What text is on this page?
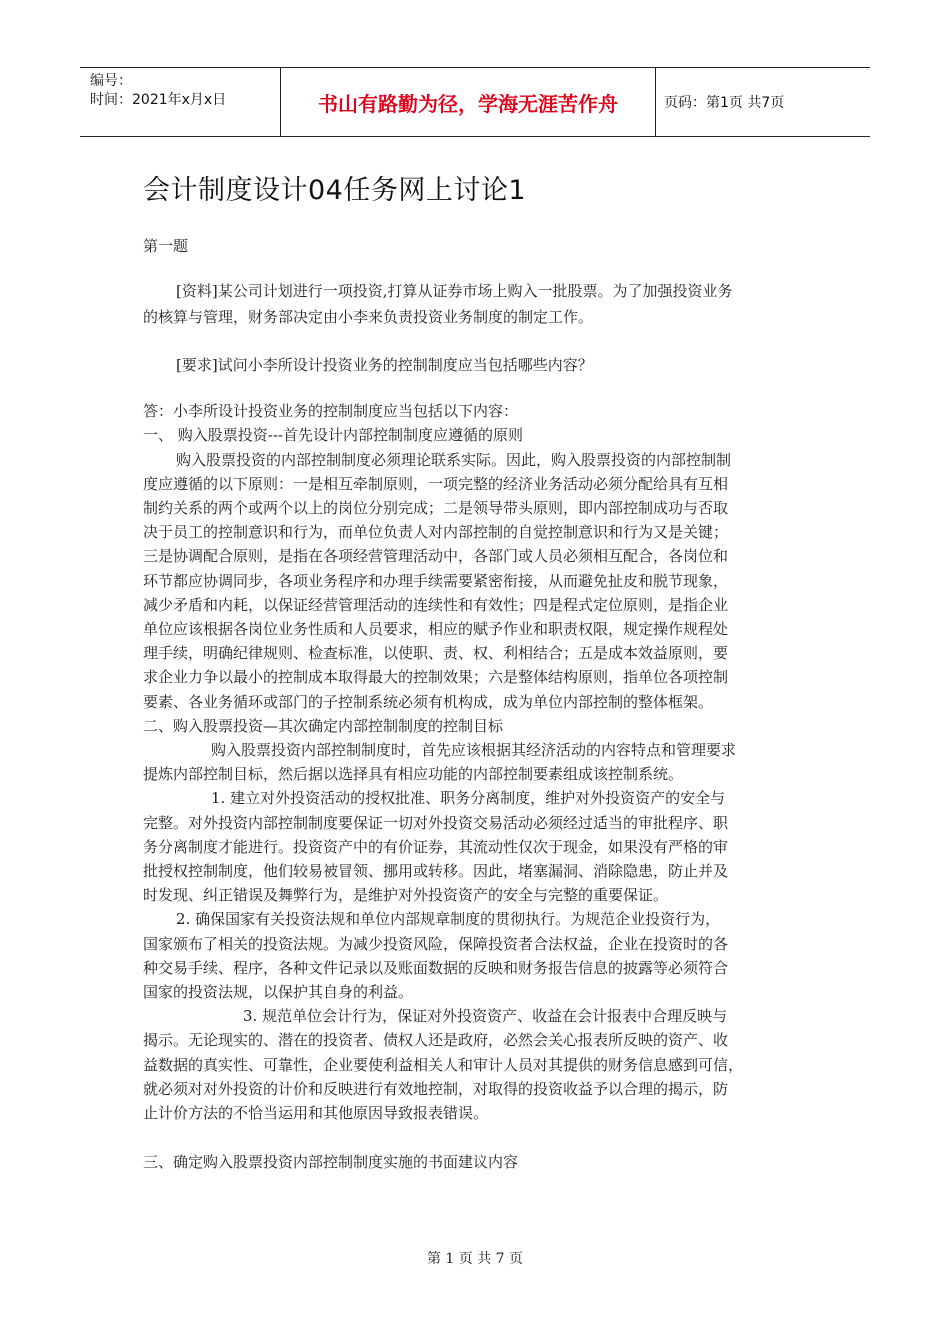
编号：
时间：2021年x月x日	书山有路勤为径，学海无涯苦作舟	页码：第1页 共7页
会计制度设计04任务网上讨论1
第一题
[资料]某公司计划进行一项投资,打算从证券市场上购入一批股票。为了加强投资业务
的核算与管理，财务部决定由小李来负责投资业务制度的制定工作。
[要求]试问小李所设计投资业务的控制制度应当包括哪些内容？
答：小李所设计投资业务的控制制度应当包括以下内容：
一、 购入股票投资---首先设计内部控制制度应遵循的原则
购入股票投资的内部控制制度必须理论联系实际。因此，购入股票投资的内部控制制
度应遵循的以下原则：一是相互牵制原则，一项完整的经济业务活动必须分配给具有互相
制约关系的两个或两个以上的岗位分别完成；二是领导带头原则，即内部控制成功与否取
决于员工的控制意识和行为，而单位负责人对内部控制的自觉控制意识和行为又是关键；
三是协调配合原则，是指在各项经营管理活动中，各部门或人员必须相互配合，各岗位和
环节都应协调同步，各项业务程序和办理手续需要紧密衔接，从而避免扯皮和脱节现象，
减少矛盾和内耗，以保证经营管理活动的连续性和有效性；四是程式定位原则，是指企业
单位应该根据各岗位业务性质和人员要求，相应的赋予作业和职责权限，规定操作规程处
理手续，明确纪律规则、检查标准，以使职、责、权、利相结合；五是成本效益原则，要
求企业力争以最小的控制成本取得最大的控制效果；六是整体结构原则，指单位各项控制
要素、各业务循环或部门的子控制系统必须有机构成，成为单位内部控制的整体框架。
二、购入股票投资—其次确定内部控制制度的控制目标
购入股票投资内部控制制度时，首先应该根据其经济活动的内容特点和管理要求
提炼内部控制目标，然后据以选择具有相应功能的内部控制要素组成该控制系统。
1. 建立对外投资活动的授权批准、职务分离制度，维护对外投资资产的安全与
完整。对外投资内部控制制度要保证一切对外投资交易活动必须经过适当的审批程序、职
务分离制度才能进行。投资资产中的有价证券，其流动性仅次于现金，如果没有严格的审
批授权控制制度，他们较易被冒领、挪用或转移。因此，堵塞漏洞、消除隐患，防止并及
时发现、纠正错误及舞弊行为，是维护对外投资资产的安全与完整的重要保证。
2. 确保国家有关投资法规和单位内部规章制度的贯彻执行。为规范企业投资行为，
国家颁布了相关的投资法规。为减少投资风险，保障投资者合法权益，企业在投资时的各
种交易手续、程序，各种文件记录以及账面数据的反映和财务报告信息的披露等必须符合
国家的投资法规，以保护其自身的利益。
3. 规范单位会计行为，保证对外投资资产、收益在会计报表中合理反映与
揭示。无论现实的、潜在的投资者、债权人还是政府，必然会关心报表所反映的资产、收
益数据的真实性、可靠性，企业要使利益相关人和审计人员对其提供的财务信息感到可信，
就必须对对外投资的计价和反映进行有效地控制，对取得的投资收益予以合理的揭示，防
止计价方法的不恰当运用和其他原因导致报表错误。
三、确定购入股票投资内部控制制度实施的书面建议内容
第 1 页 共 7 页
